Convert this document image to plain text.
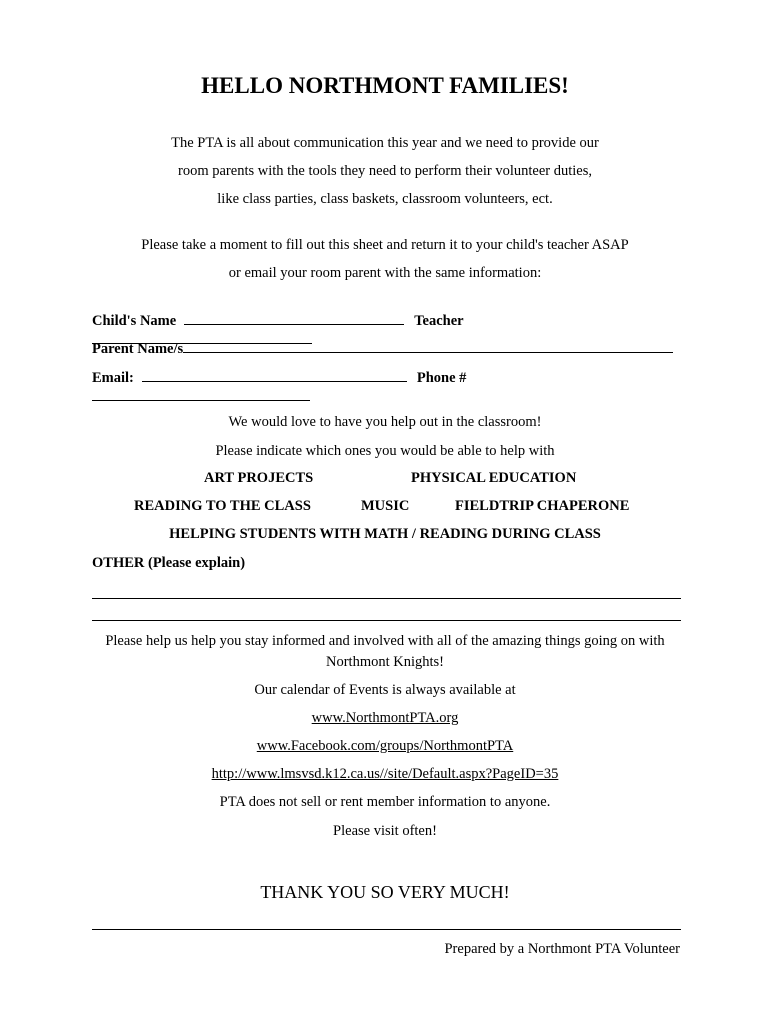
HELLO NORTHMONT FAMILIES!
The PTA is all about communication this year and we need to provide our
room parents with the tools they need to perform their volunteer duties,
like class parties, class baskets, classroom volunteers, ect.
Please take a moment to fill out this sheet and return it to your child's teacher ASAP
or email your room parent with the same information:
Child's Name	Teacher
Parent Name/s
Email:	Phone #
We would love to have you help out in the classroom!
Please indicate which ones you would be able to help with
ART PROJECTS	PHYSICAL EDUCATION
READING TO THE CLASS	MUSIC	FIELDTRIP CHAPERONE
HELPING STUDENTS WITH MATH / READING DURING CLASS
OTHER (Please explain)
Please help us help you stay informed and involved with all of the amazing things going on with
Northmont Knights!
Our calendar of Events is always available at
www.NorthmontPTA.org
www.Facebook.com/groups/NorthmontPTA
http://www.lmsvsd.k12.ca.us//site/Default.aspx?PageID=35
PTA does not sell or rent member information to anyone.
Please visit often!
THANK YOU SO VERY MUCH!
Prepared by a Northmont PTA Volunteer
